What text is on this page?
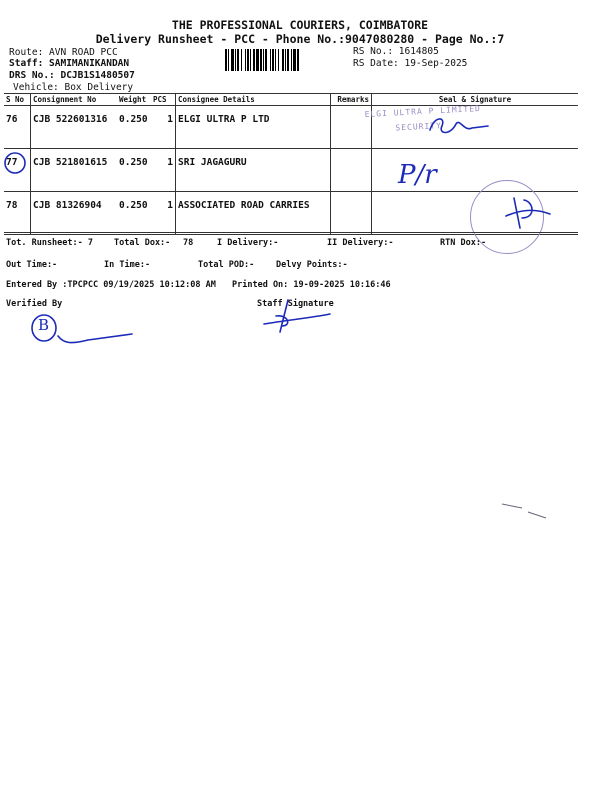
THE PROFESSIONAL COURIERS, COIMBATORE
Delivery Runsheet - PCC - Phone No.:9047080280 - Page No.:7
Route: AVN ROAD PCC
Staff: SAMIMANIKANDAN
DRS No.: DCJB1S1480507
Vehicle: Box Delivery
RS No.: 1614805
RS Date: 19-Sep-2025
S No	Consignment No	Weight	PCS	Consignee Details	Remarks	Seal & Signature
76	CJB 522601316	0.250	1	ELGI ULTRA P LTD		
77	CJB 521801615	0.250	1	SRI JAGAGURU		
78	CJB 81326904	0.250	1	ASSOCIATED ROAD CARRIES		
ELGI ULTRA P LIMITED
SECURITY
P/r
Tot. Runsheet:- 7 Total Dox:- 78	I Delivery:-	II Delivery:-	RTN Dox:-
Out Time:-	In Time:-	Total POD:-	Delvy Points:-
Entered By :TPCPCC 09/19/2025 10:12:08 AM Printed On: 19-09-2025 10:16:46
Verified By	Staff Signature
B
